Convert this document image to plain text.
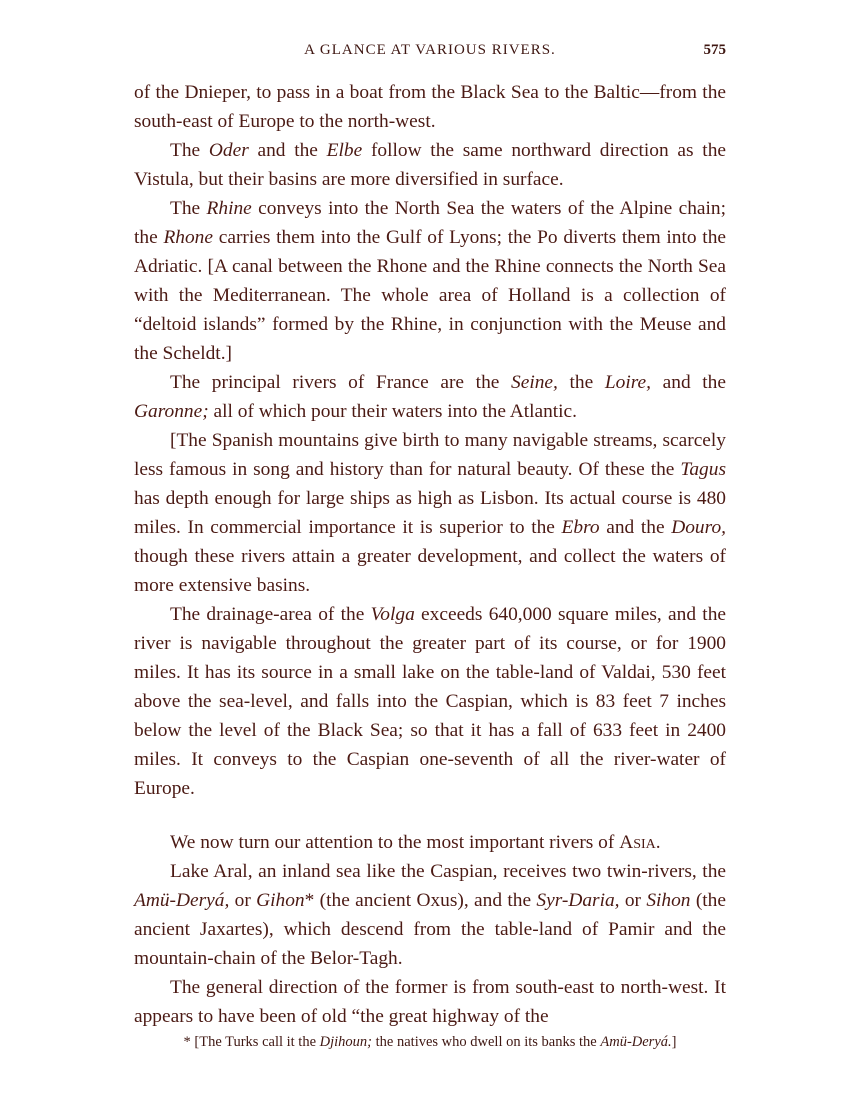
A GLANCE AT VARIOUS RIVERS.	575

of the Dnieper, to pass in a boat from the Black Sea to the Baltic—from the south-east of Europe to the north-west.

The Oder and the Elbe follow the same northward direction as the Vistula, but their basins are more diversified in surface.

The Rhine conveys into the North Sea the waters of the Alpine chain; the Rhone carries them into the Gulf of Lyons; the Po diverts them into the Adriatic. [A canal between the Rhone and the Rhine connects the North Sea with the Mediterranean. The whole area of Holland is a collection of “deltoid islands” formed by the Rhine, in conjunction with the Meuse and the Scheldt.]

The principal rivers of France are the Seine, the Loire, and the Garonne; all of which pour their waters into the Atlantic.

[The Spanish mountains give birth to many navigable streams, scarcely less famous in song and history than for natural beauty. Of these the Tagus has depth enough for large ships as high as Lisbon. Its actual course is 480 miles. In commercial importance it is superior to the Ebro and the Douro, though these rivers attain a greater development, and collect the waters of more extensive basins.

The drainage-area of the Volga exceeds 640,000 square miles, and the river is navigable throughout the greater part of its course, or for 1900 miles. It has its source in a small lake on the table-land of Valdai, 530 feet above the sea-level, and falls into the Caspian, which is 83 feet 7 inches below the level of the Black Sea; so that it has a fall of 633 feet in 2400 miles. It conveys to the Caspian one-seventh of all the river-water of Europe.

We now turn our attention to the most important rivers of Asia.

Lake Aral, an inland sea like the Caspian, receives two twin-rivers, the Amü-Deryá, or Gihon* (the ancient Oxus), and the Syr-Daria, or Sihon (the ancient Jaxartes), which descend from the table-land of Pamir and the mountain-chain of the Belor-Tagh.

The general direction of the former is from south-east to north-west. It appears to have been of old “the great highway of the

* [The Turks call it the Djihoun; the natives who dwell on its banks the Amü-Deryá.]
